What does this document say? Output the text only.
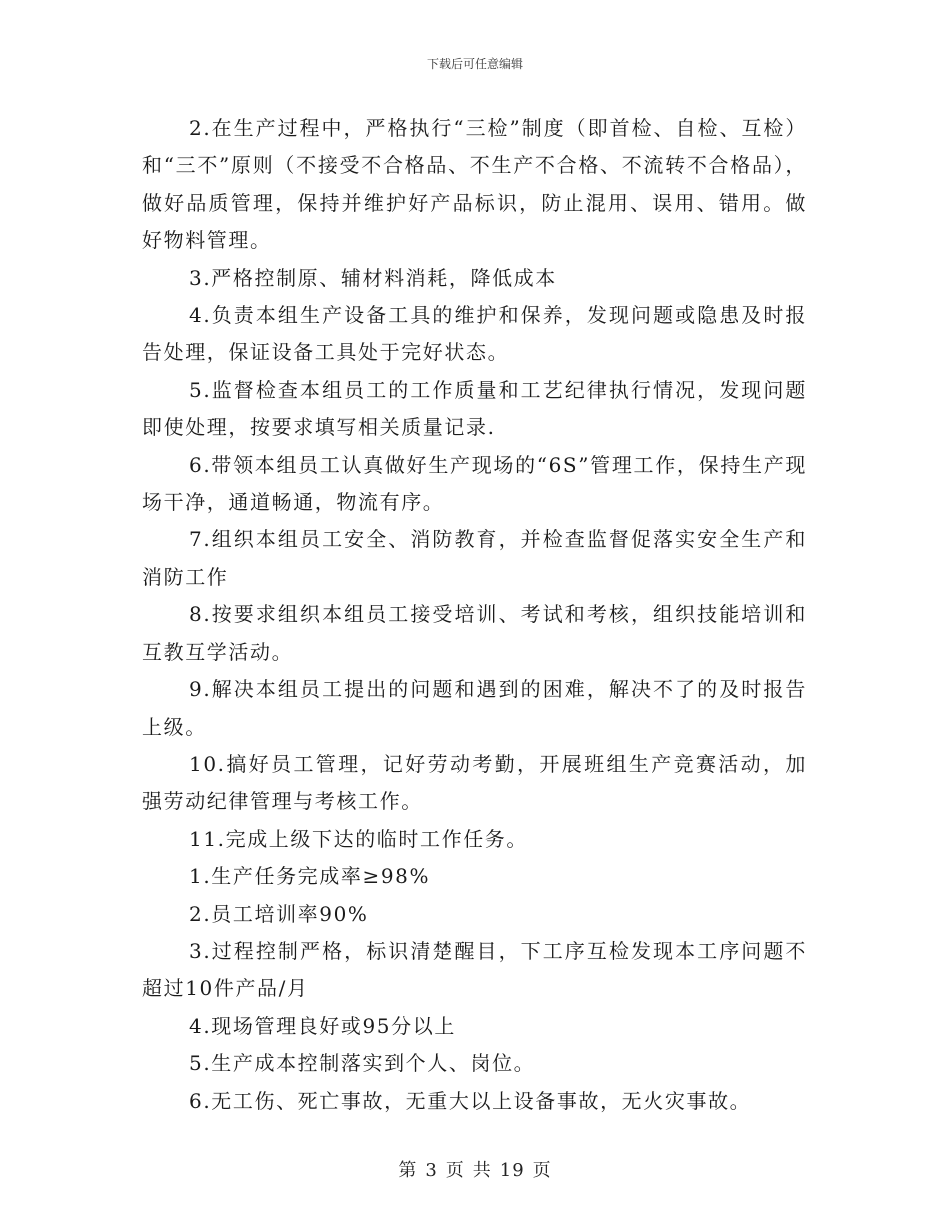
下载后可任意编辑

2.在生产过程中，严格执行“三检”制度（即首检、自检、互检）和“三不”原则（不接受不合格品、不生产不合格、不流转不合格品），做好品质管理，保持并维护好产品标识，防止混用、误用、错用。做好物料管理。

3.严格控制原、辅材料消耗，降低成本

4.负责本组生产设备工具的维护和保养，发现问题或隐患及时报告处理，保证设备工具处于完好状态。

5.监督检查本组员工的工作质量和工艺纪律执行情况，发现问题即使处理，按要求填写相关质量记录.

6.带领本组员工认真做好生产现场的“6S”管理工作，保持生产现场干净，通道畅通，物流有序。

7.组织本组员工安全、消防教育，并检查监督促落实安全生产和消防工作

8.按要求组织本组员工接受培训、考试和考核，组织技能培训和互教互学活动。

9.解决本组员工提出的问题和遇到的困难，解决不了的及时报告上级。

10.搞好员工管理，记好劳动考勤，开展班组生产竞赛活动，加强劳动纪律管理与考核工作。

11.完成上级下达的临时工作任务。

1.生产任务完成率≥98%

2.员工培训率90%

3.过程控制严格，标识清楚醒目，下工序互检发现本工序问题不超过10件产品/月

4.现场管理良好或95分以上

5.生产成本控制落实到个人、岗位。

6.无工伤、死亡事故，无重大以上设备事故，无火灾事故。

第 3 页 共 19 页
